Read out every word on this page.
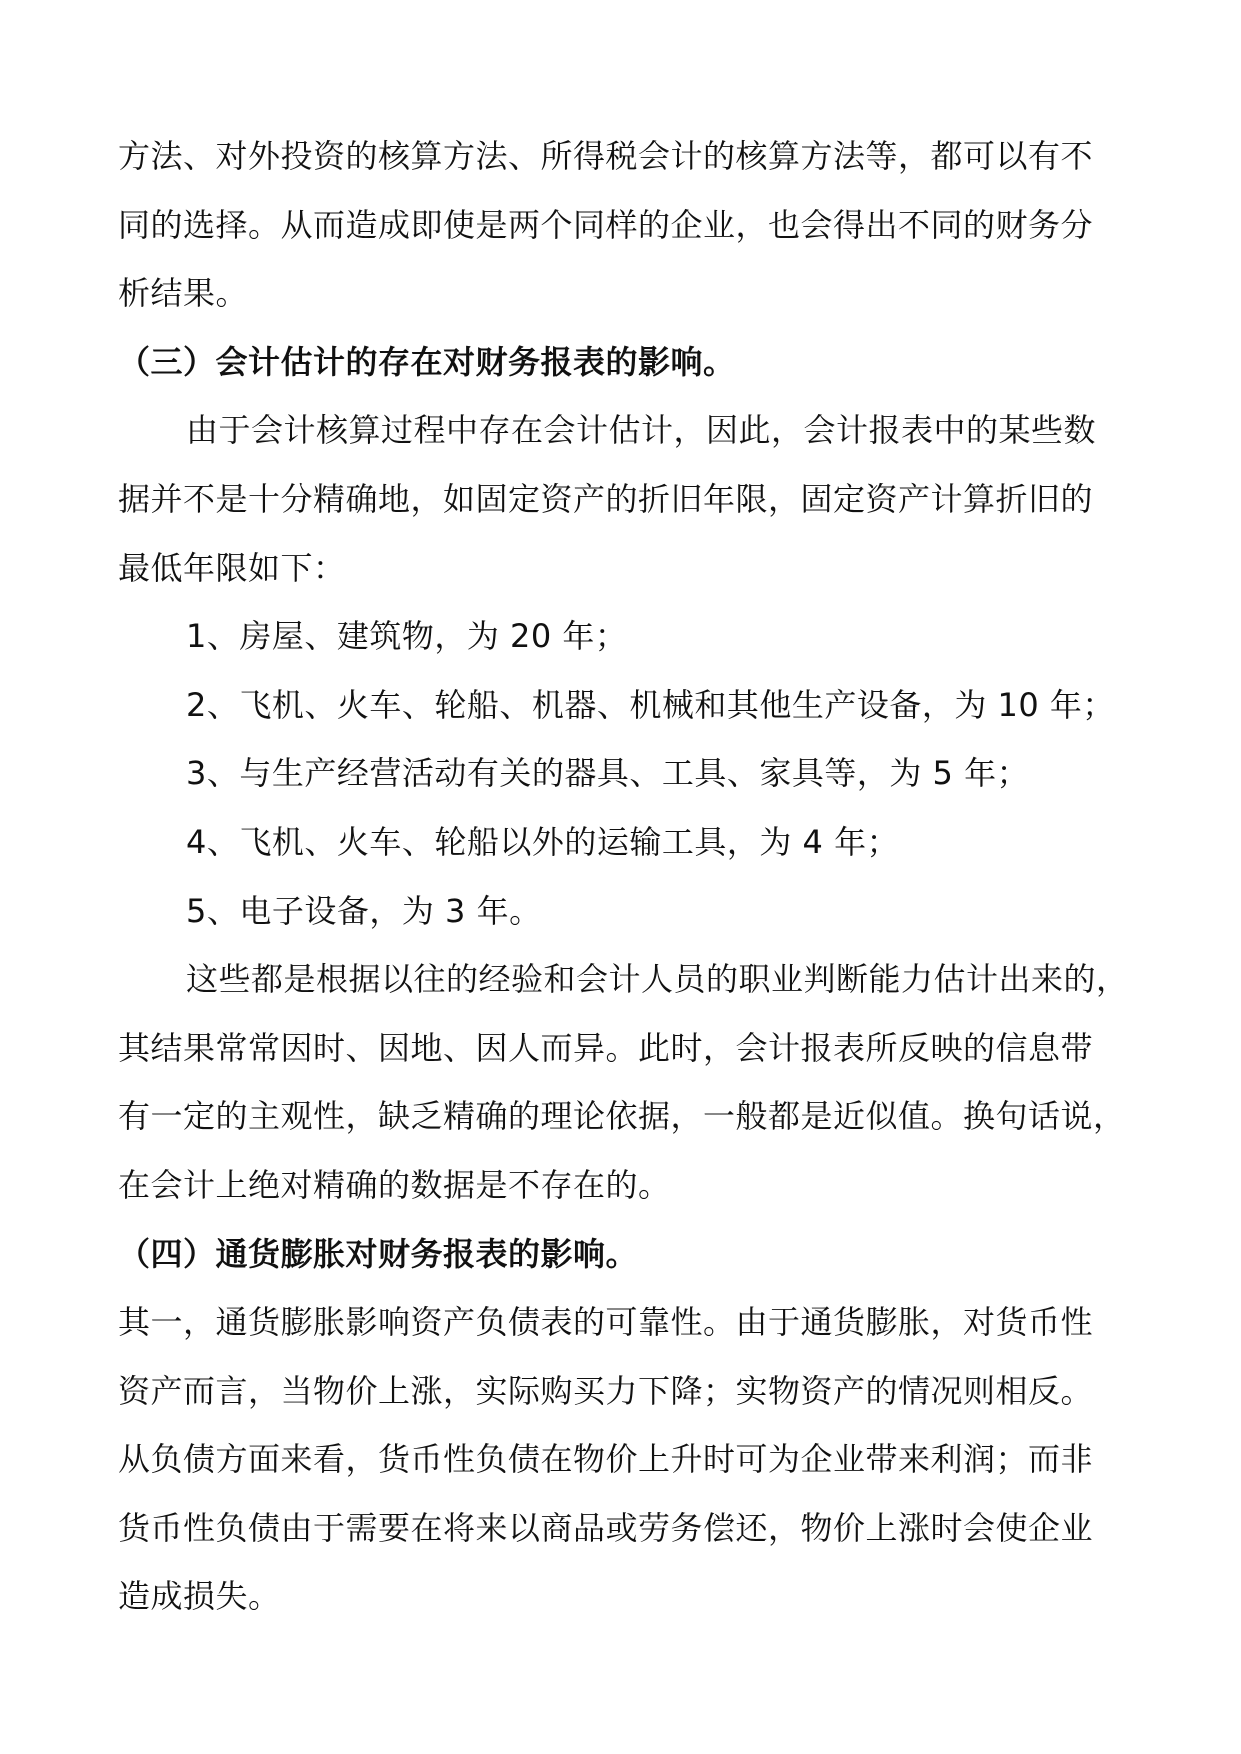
方法、对外投资的核算方法、所得税会计的核算方法等，都可以有不
同的选择。从而造成即使是两个同样的企业，也会得出不同的财务分
析结果。
（三）会计估计的存在对财务报表的影响。
由于会计核算过程中存在会计估计，因此，会计报表中的某些数
据并不是十分精确地，如固定资产的折旧年限，固定资产计算折旧的
最低年限如下：
1、房屋、建筑物，为 20 年；
2、飞机、火车、轮船、机器、机械和其他生产设备，为 10 年；
3、与生产经营活动有关的器具、工具、家具等，为 5 年；
4、飞机、火车、轮船以外的运输工具，为 4 年；
5、电子设备，为 3 年。
这些都是根据以往的经验和会计人员的职业判断能力估计出来的，
其结果常常因时、因地、因人而异。此时，会计报表所反映的信息带
有一定的主观性，缺乏精确的理论依据，一般都是近似值。换句话说，
在会计上绝对精确的数据是不存在的。
（四）通货膨胀对财务报表的影响。
其一，通货膨胀影响资产负债表的可靠性。由于通货膨胀，对货币性
资产而言，当物价上涨，实际购买力下降；实物资产的情况则相反。
从负债方面来看，货币性负债在物价上升时可为企业带来利润；而非
货币性负债由于需要在将来以商品或劳务偿还，物价上涨时会使企业
造成损失。
